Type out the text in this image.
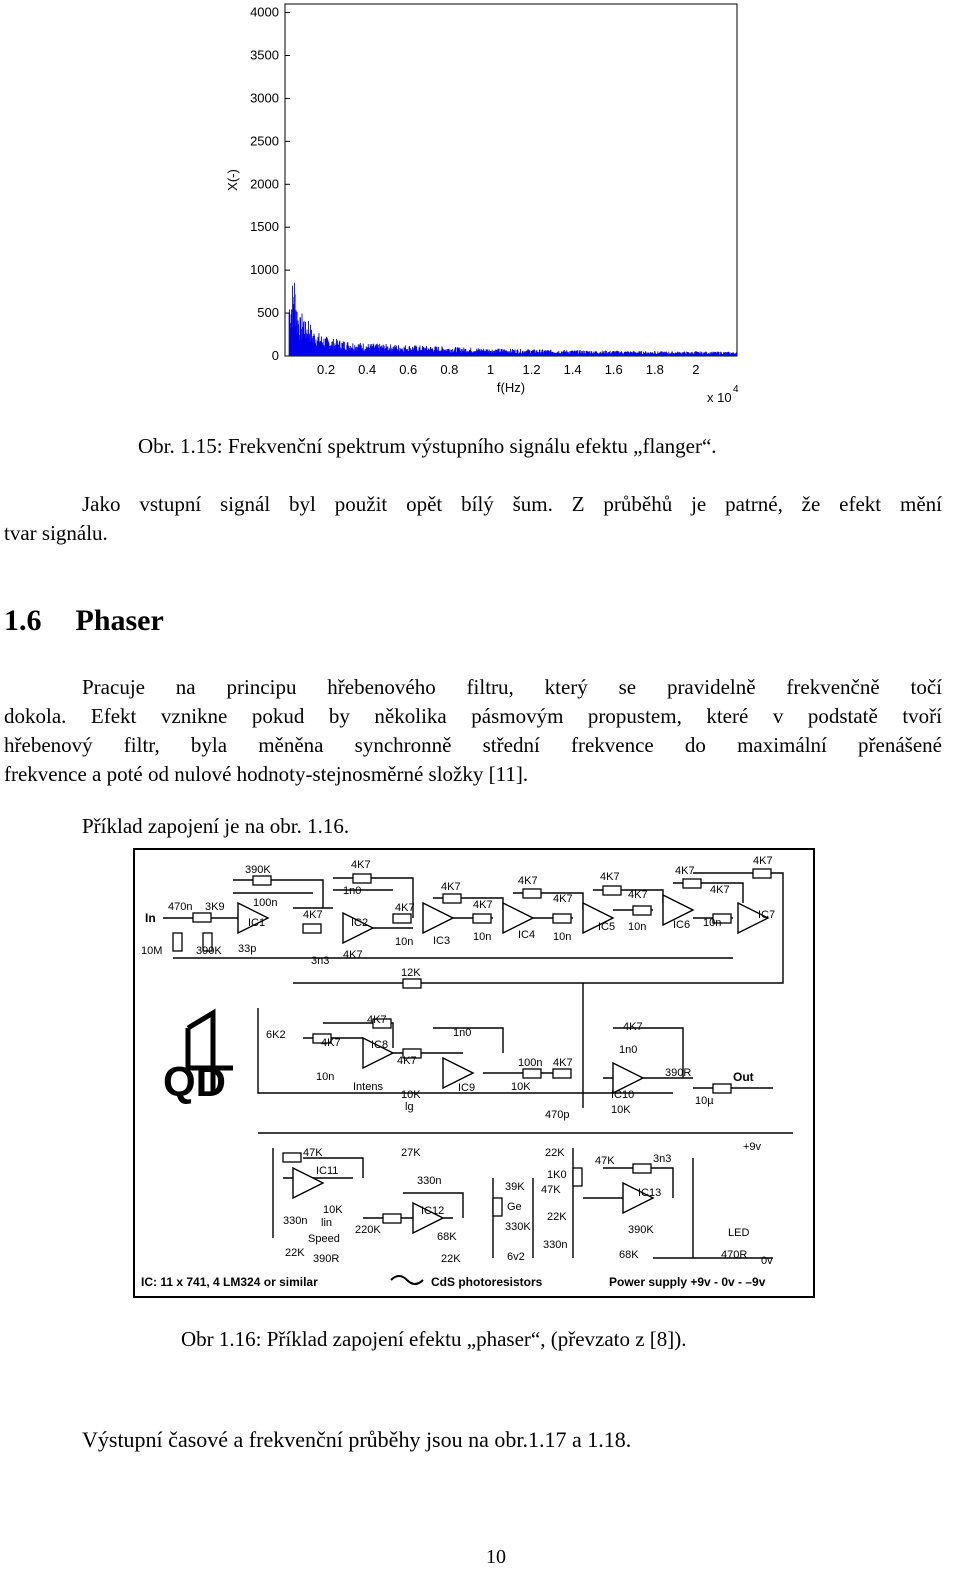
0
500
1000
1500
2000
2500
3000
3500
4000
0.2 0.4 0.6 0.8 1 1.2 1.4 1.6 1.8 2
X(-)
f(Hz)
x 10
4
Obr. 1.15: Frekvenční spektrum výstupního signálu efektu „flanger“.
Jako vstupní signál byl použit opět bílý šum. Z průběhů je patrné, že efekt mění
tvar signálu.
1.6 Phaser
Pracuje na principu hřebenového filtru, který se pravidelně frekvenčně točí
dokola. Efekt vznikne pokud by několika pásmovým propustem, které v podstatě tvoří
hřebenový filtr, byla měněna synchronně střední frekvence do maximální přenášené
frekvence a poté od nulové hodnoty-stejnosměrné složky [11].
Příklad zapojení je na obr. 1.16.
QD
In
Out
IC1	IC2
IC3	IC4
IC5	IC6
IC7
IC8
IC9
IC10
IC11
IC12
IC13
390K
100n
470n 3K9
10M	390K 33p
4K7
1n0
4K7
3n3 4K7
4K7
10n
4K7
4K7
10n
4K7
4K7
10n
4K7
4K7
10n
4K7
4K7
10n
4K7
12K
6K2
4K7
4K7
10n
Intens
10K
lg
4K7
1n0
100n
10K
4K7
470p
4K7
1n0
390R
10K
10µ
47K	27K
330n
10K
lin
Speed
22K 390R
220K
330n
68K
22K
39K
Ge
330K
6v2
330n
22K
1K0
47K
22K
47K	3n3
+9v
390K
68K
LED
470R 0v
IC: 11 x 741, 4 LM324 or similar	CdS photoresistors	Power supply +9v - 0v - –9v
Obr 1.16: Příklad zapojení efektu „phaser“, (převzato z [8]).
Výstupní časové a frekvenční průběhy jsou na obr.1.17 a 1.18.
10
